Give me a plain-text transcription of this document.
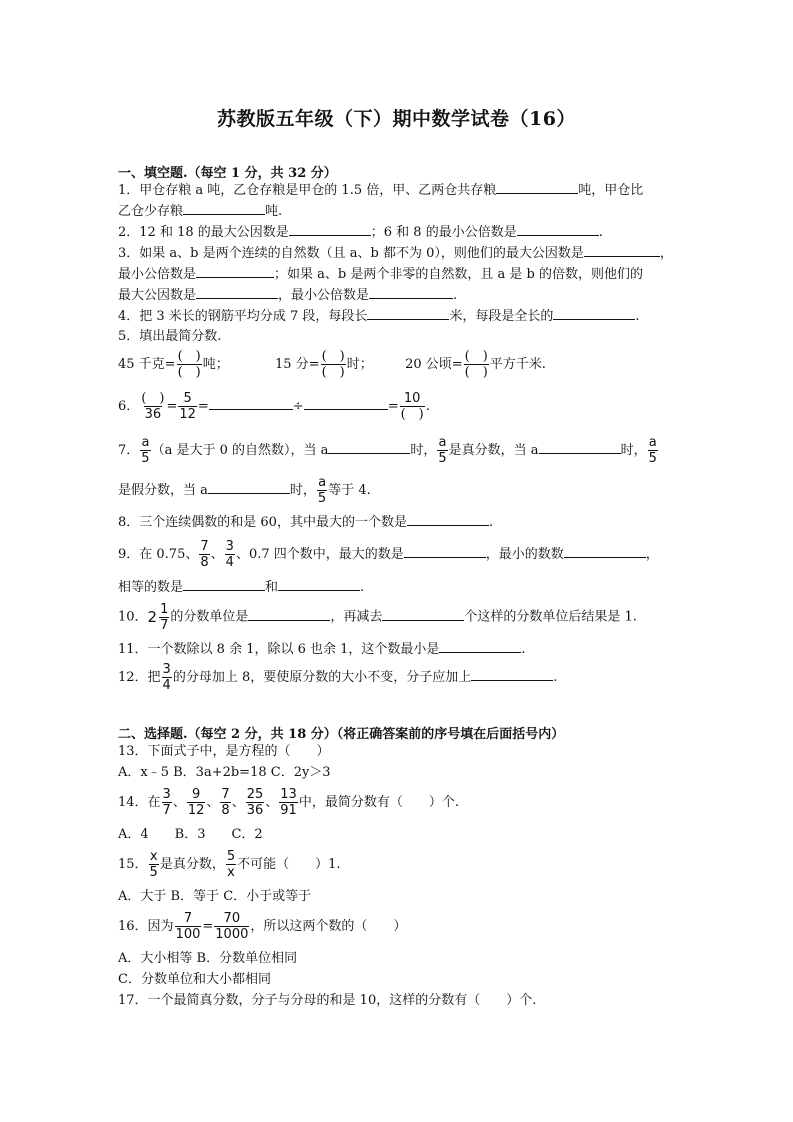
苏教版五年级（下）期中数学试卷（16）
一、填空题.（每空 1 分，共 32 分）
1．甲仓存粮 a 吨，乙仓存粮是甲仓的 1.5 倍，甲、乙两仓共存粮	吨，甲仓比
乙仓少存粮	吨.
2．12 和 18 的最大公因数是	；6 和 8 的最小公倍数是	.
3．如果 a、b 是两个连续的自然数（且 a、b 都不为 0），则他们的最大公因数是	，
最小公倍数是	；如果 a、b 是两个非零的自然数，且 a 是 b 的倍数，则他们的
最大公因数是	，最小公倍数是	.
4．把 3 米长的钢筋平均分成 7 段，每段长	米，每段是全长的	.
5．填出最简分数.
45 千克=
(　)
(　)
吨；	15 分=
(　)
(　)
时； 20 公顷=
(　)
(　)
平方千米.
6．
(　)
36
= $\frac{5}{12}$ =	÷	=
10
(　)
.
7． $\frac{a}{5} (a$ 是大于 0 的自然数），当 a	时， $\frac{a}{5}$ 是真分数，当 a	时， $\frac{a}{5}$
是假分数，当 a	时， $\frac{a}{5}$ 等于 4.
8．三个连续偶数的和是 60，其中最大的一个数是	.
9．在 0.75、 $\frac{7}{8}$ 、 $\frac{3}{4}$ 、0.7 四个数中，最大的数是	，最小的数数	，
相等的数是	和	.
10． 2 1
7
的分数单位是	，再减去	个这样的分数单位后结果是 1.
11．一个数除以 8 余 1，除以 6 也余 1，这个数最小是	.
12．把 $\frac{3}{4}$ 的分母加上 8，要使原分数的大小不变，分子应加上	.
二、选择题.（每空 2 分，共 18 分）（将正确答案前的序号填在后面括号内）
13．下面式子中，是方程的（　　）
A．x﹣5 B．3a+2b=18 C．2y＞3
14．在 $\frac{3}{7}$ 、 $\frac{9}{12}$ 、 $\frac{7}{8}$ 、 $\frac{25}{36}$ 、 $\frac{13}{91}$ 中，最简分数有（　　）个.
A．4　　B．3　　C．2
15． $\frac{x}{5}$ 是真分数， $\frac{5}{x}$ 不可能（　　）1.
A．大于 B．等于 C．小于或等于
16．因为 $\frac{7}{100} = \frac{70}{1000}$ ，所以这两个数的（　　）
A．大小相等 B．分数单位相同
C．分数单位和大小都相同
17．一个最简真分数，分子与分母的和是 10，这样的分数有（　　）个.
